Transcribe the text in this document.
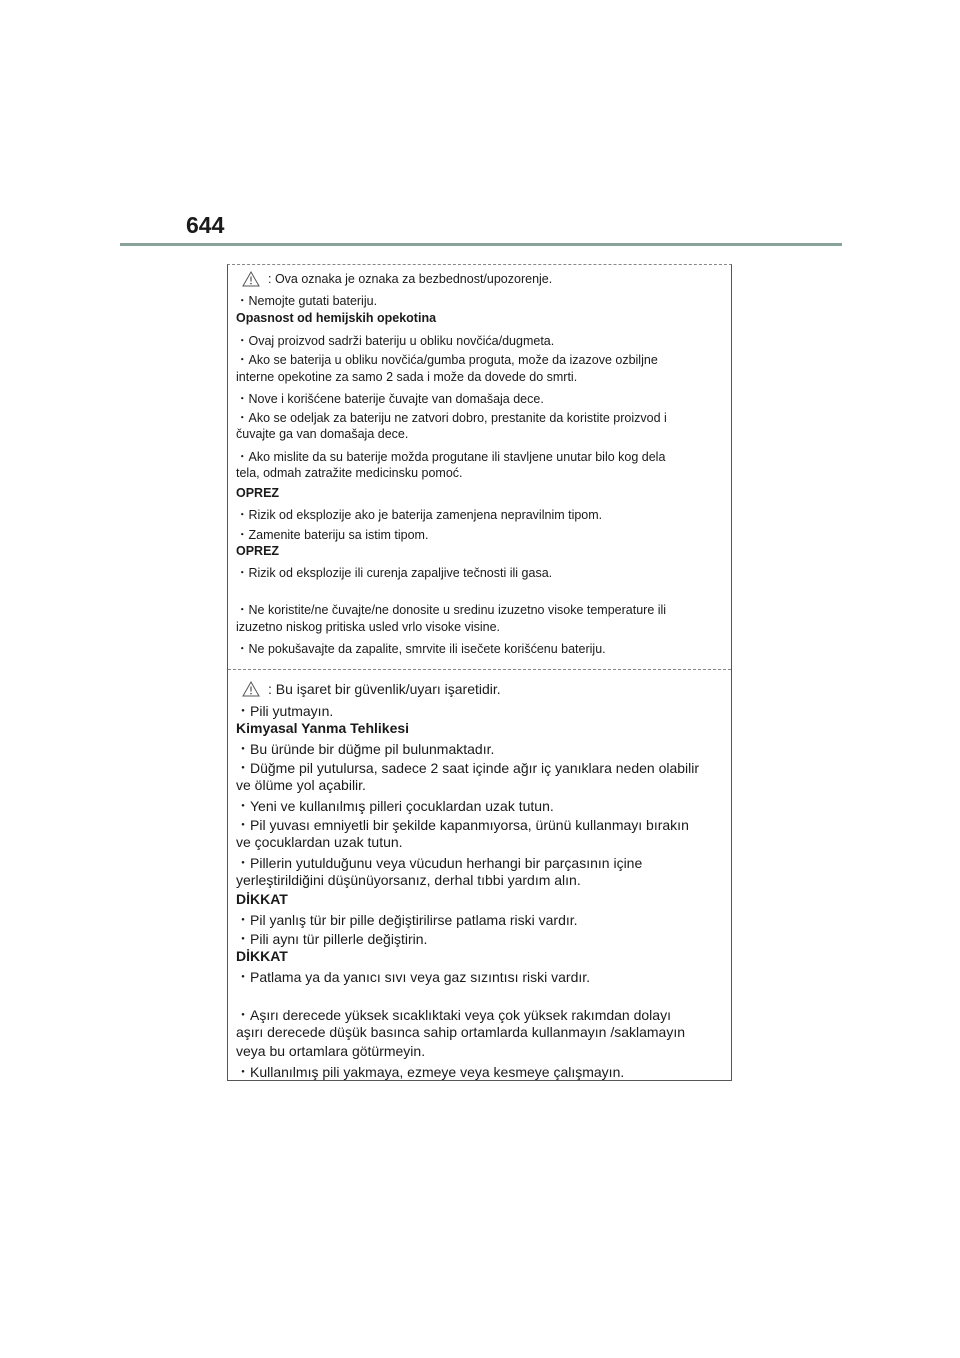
644
: Ova oznaka je oznaka za bezbednost/upozorenje.
・Nemojte gutati bateriju.
Opasnost od hemijskih opekotina
・Ovaj proizvod sadrži bateriju u obliku novčića/dugmeta.
・Ako se baterija u obliku novčića/gumba proguta, može da izazove ozbiljne
interne opekotine za samo 2 sada i može da dovede do smrti.
・Nove i korišćene baterije čuvajte van domašaja dece.
・Ako se odeljak za bateriju ne zatvori dobro, prestanite da koristite proizvod i
čuvajte ga van domašaja dece.
・Ako mislite da su baterije možda progutane ili stavljene unutar bilo kog dela
tela, odmah zatražite medicinsku pomoć.
OPREZ
・Rizik od eksplozije ako je baterija zamenjena nepravilnim tipom.
・Zamenite bateriju sa istim tipom.
OPREZ
・Rizik od eksplozije ili curenja zapaljive tečnosti ili gasa.
・Ne koristite/ne čuvajte/ne donosite u sredinu izuzetno visoke temperature ili
izuzetno niskog pritiska usled vrlo visoke visine.
・Ne pokušavajte da zapalite, smrvite ili isečete korišćenu bateriju.
: Bu işaret bir güvenlik/uyarı işaretidir.
・Pili yutmayın.
Kimyasal Yanma Tehlikesi
・Bu üründe bir düğme pil bulunmaktadır.
・Düğme pil yutulursa, sadece 2 saat içinde ağır iç yanıklara neden olabilir
ve ölüme yol açabilir.
・Yeni ve kullanılmış pilleri çocuklardan uzak tutun.
・Pil yuvası emniyetli bir şekilde kapanmıyorsa, ürünü kullanmayı bırakın
ve çocuklardan uzak tutun.
・Pillerin yutulduğunu veya vücudun herhangi bir parçasının içine
yerleştirildiğini düşünüyorsanız, derhal tıbbi yardım alın.
DİKKAT
・Pil yanlış tür bir pille değiştirilirse patlama riski vardır.
・Pili aynı tür pillerle değiştirin.
DİKKAT
・Patlama ya da yanıcı sıvı veya gaz sızıntısı riski vardır.
・Aşırı derecede yüksek sıcaklıktaki veya çok yüksek rakımdan dolayı
aşırı derecede düşük basınca sahip ortamlarda kullanmayın /saklamayın
veya bu ortamlara götürmeyin.
・Kullanılmış pili yakmaya, ezmeye veya kesmeye çalışmayın.
